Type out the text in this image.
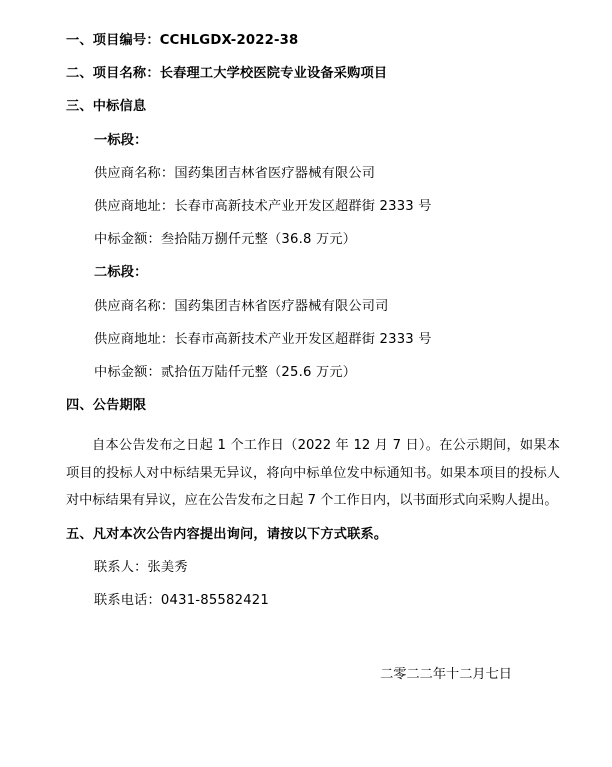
一、项目编号：CCHLGDX-2022-38
二、项目名称：长春理工大学校医院专业设备采购项目
三、中标信息
一标段：
供应商名称：国药集团吉林省医疗器械有限公司
供应商地址：长春市高新技术产业开发区超群街 2333 号
中标金额：叁拾陆万捌仟元整（36.8 万元）
二标段：
供应商名称：国药集团吉林省医疗器械有限公司司
供应商地址：长春市高新技术产业开发区超群街 2333 号
中标金额：贰拾伍万陆仟元整（25.6 万元）
四、公告期限
自本公告发布之日起 1 个工作日（2022 年 12 月 7 日）。在公示期间，如果本项目的投标人对中标结果无异议，将向中标单位发中标通知书。如果本项目的投标人对中标结果有异议，应在公告发布之日起 7 个工作日内，以书面形式向采购人提出。
五、凡对本次公告内容提出询问，请按以下方式联系。
联系人：张美秀
联系电话：0431-85582421
二零二二年十二月七日
